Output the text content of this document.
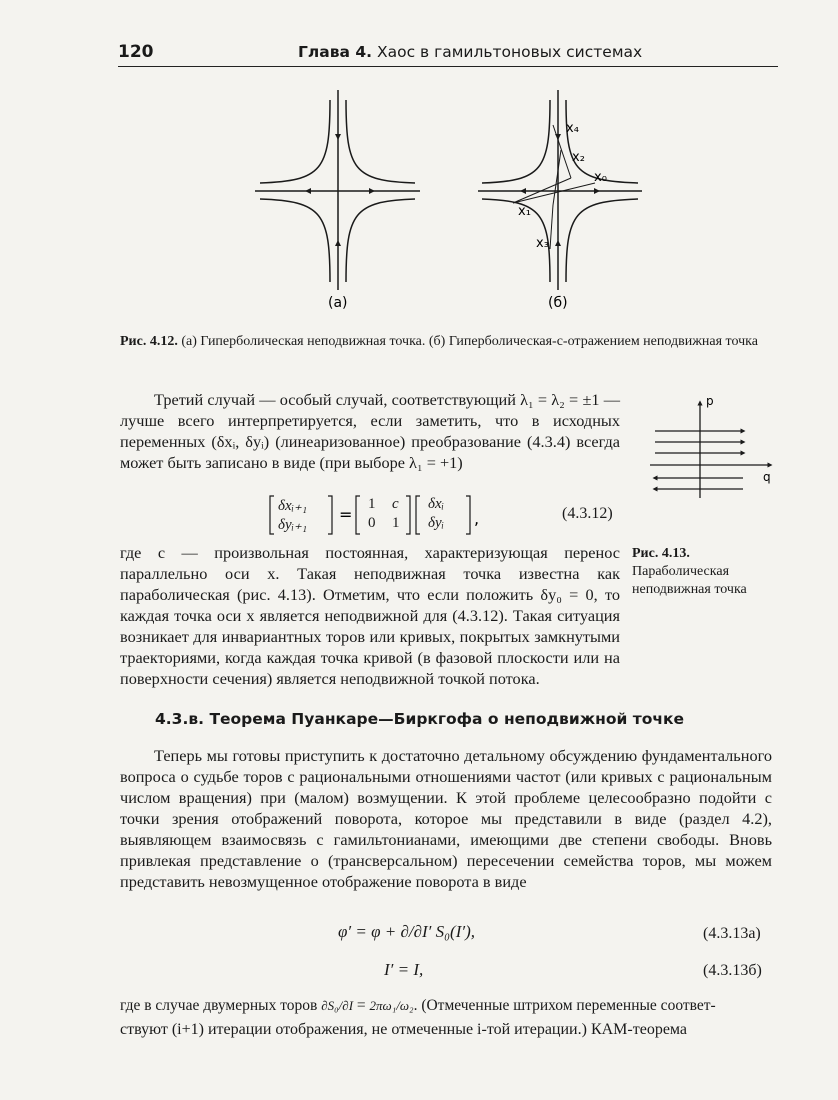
120	Глава 4. Хаос в гамильтоновых системах
(a)
x₄
x₂
x₀
x₁
x₃
(б)
Рис. 4.12. (а) Гиперболическая неподвижная точка. (б) Гиперболическая-с-отражением неподвижная точка
p
q
Рис. 4.13. Параболическая неподвижная точка
Третий случай — особый случай, соответствующий λ₁ = λ₂ = ±1 — лучше всего интерпретируется, если заметить, что в исходных переменных (δxᵢ, δyᵢ) (линеаризованное) преобразование (4.3.4) всегда может быть записано в виде (при выборе λ₁ = +1)
=	,
δxᵢ₊₁
δyᵢ₊₁
1 c
0 1
δxᵢ
δyᵢ
(4.3.12)
где c — произвольная постоянная, характеризующая перенос параллельно оси x. Такая неподвижная точка известна как параболическая (рис. 4.13). Отметим, что если положить δy₀ = 0, то каждая точка оси x является неподвижной для (4.3.12). Такая ситуация возникает для инвариантных торов или кривых, покрытых замкнутыми траекториями, когда каждая точка кривой (в фазовой плоскости или на поверхности сечения) является неподвижной точкой потока.
4.3.в. Теорема Пуанкаре—Биркгофа о неподвижной точке
Теперь мы готовы приступить к достаточно детальному обсуждению фундаментального вопроса о судьбе торов с рациональными отношениями частот (или кривых с рациональным числом вращения) при (малом) возмущении. К этой проблеме целесообразно подойти с точки зрения отображений поворота, которое мы представили в виде (раздел 4.2), выявляющем взаимосвязь с гамильтонианами, имеющими две степени свободы. Вновь привлекая представление о (трансверсальном) пересечении семейства торов, мы можем представить невозмущенное отображение поворота в виде
φ′ = φ + ∂/∂I′ S₀(I′),	(4.3.13а)
I′ = I,	(4.3.13б)
где в случае двумерных торов ∂S₀/∂I = 2πω₁/ω₂. (Отмеченные штрихом переменные соответ-
ствуют (i+1) итерации отображения, не отмеченные i-той итерации.) КАМ-теорема
